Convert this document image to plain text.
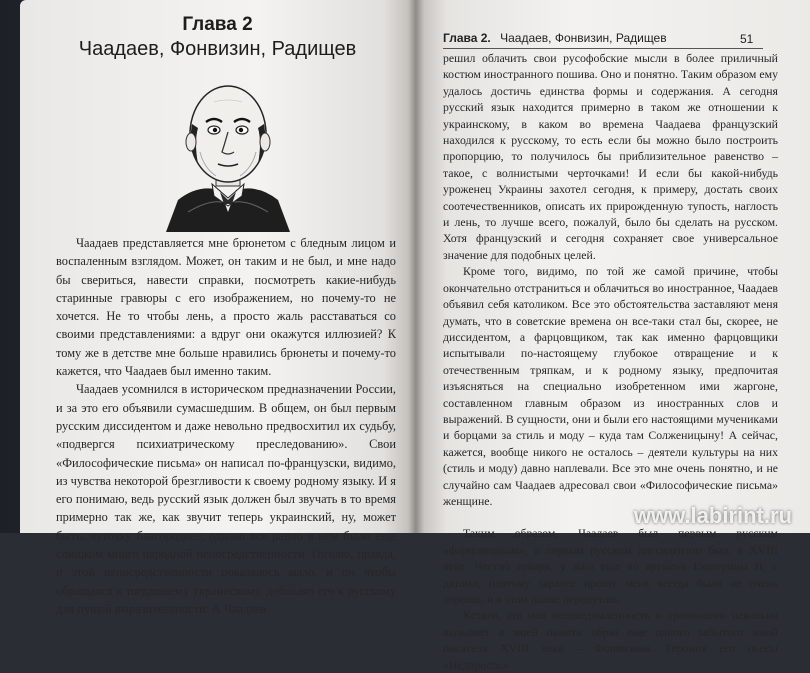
Глава 2
Чаадаев, Фонвизин, Радищев

Чаадаев представляется мне брюнетом с бледным лицом и воспаленным взглядом. Может, он таким и не был, и мне надо бы свериться, навести справки, посмотреть какие-нибудь старинные гравюры с его изображением, но почему-то не хочется. Не то чтобы лень, а просто жаль расставаться со своими представлениями: а вдруг они окажутся иллюзией? К тому же в детстве мне больше нравились брюнеты и почему-то кажется, что Чаадаев был именно таким.

Чаадаев усомнился в историческом предназначении России, и за это его объявили сумасшедшим. В общем, он был первым русским диссидентом и даже невольно предвосхитил их судьбу, «подвергся психиатрическому преследованию». Свои «Философические письма» он написал по-французски, видимо, из чувства некоторой брезгливости к своему родному языку. И я его понимаю, ведь русский язык должен был звучать в то время примерно так же, как звучит теперь украинский, ну, может быть, чуточку благороднее, однако все равно в нем было еще слишком много народной непосредственности. Гоголю, правда, и этой непосредственности показалось мало, и он чтобы обращался к тогдашнему украинскому, добавлял его к русскому для пущей выразительности. А Чаадаев

Глава 2. Чаадаев, Фонвизин, Радищев	51

решил облачить свои русофобские мысли в более приличный костюм иностранного пошива. Оно и понятно. Таким образом ему удалось достичь единства формы и содержания. А сегодня русский язык находится примерно в таком же отношении к украинскому, в каком во времена Чаадаева французский находился к русскому, то есть если бы можно было построить пропорцию, то получилось бы приблизительное равенство – такое, с волнистыми черточками! И если бы какой-нибудь уроженец Украины захотел сегодня, к примеру, достать своих соотечественников, описать их прирожденную тупость, наглость и лень, то лучше всего, пожалуй, было бы сделать на русском. Хотя французский и сегодня сохраняет свое универсальное значение для подобных целей.

Кроме того, видимо, по той же самой причине, чтобы окончательно отстраниться и облачиться во иностранное, Чаадаев объявил себя католиком. Все это обстоятельства заставляют меня думать, что в советские времена он все-таки стал бы, скорее, не диссидентом, а фарцовщиком, так как именно фарцовщики испытывали по-настоящему глубокое отвращение и к отечественным тряпкам, и к родному языку, предпочитая изъясняться на специально изобретенном ими жаргоне, составленном главным образом из иностранных слов и выражений. В сущности, они и были его настоящими мучениками и борцами за стиль и моду – куда там Солженицыну! А сейчас, кажется, вообще никого не осталось – деятели культуры на них (стиль и моду) давно наплевали. Все это мне очень понятно, и не случайно сам Чаадаев адресовал свои «Философические письма» женщине.

Таким образом, Чаадаев был первым русским «фарцовщиком», а первым русским диссидентом был, в XVIII веке. Честно говоря, у жил еще во времена Екатерины II, с датами, поэтому заранее прошу меня всегда было не очень хорошо, и в этом плане перепутаю.

Кстати, эта моя неосведомленность в хронологии невольно вызывает в моей памяти образ еще одного забытого мной писателя XVIII века – Фонвизина. Героиня его пьесы «Недоросль»

www.labirint.ru
